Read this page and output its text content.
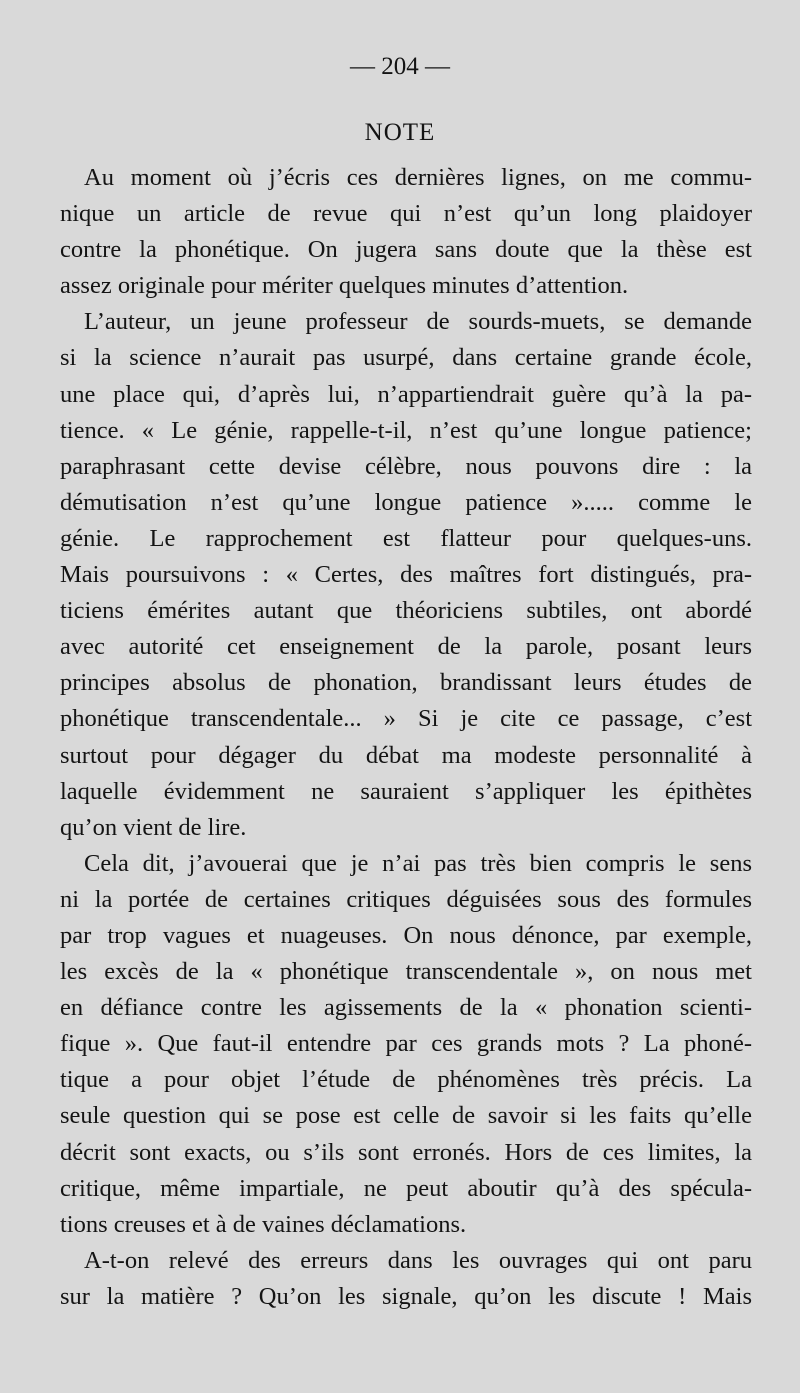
— 204 —

NOTE
Au moment où j’écris ces dernières lignes, on me commu-
nique un article de revue qui n’est qu’un long plaidoyer
contre la phonétique. On jugera sans doute que la thèse est
assez originale pour mériter quelques minutes d’attention.
L’auteur, un jeune professeur de sourds-muets, se demande
si la science n’aurait pas usurpé, dans certaine grande école,
une place qui, d’après lui, n’appartiendrait guère qu’à la pa-
tience. « Le génie, rappelle-t-il, n’est qu’une longue patience;
paraphrasant cette devise célèbre, nous pouvons dire : la
démutisation n’est qu’une longue patience »..... comme le
génie. Le rapprochement est flatteur pour quelques-uns.
Mais poursuivons : « Certes, des maîtres fort distingués, pra-
ticiens émérites autant que théoriciens subtiles, ont abordé
avec autorité cet enseignement de la parole, posant leurs
principes absolus de phonation, brandissant leurs études de
phonétique transcendentale... » Si je cite ce passage, c’est
surtout pour dégager du débat ma modeste personnalité à
laquelle évidemment ne sauraient s’appliquer les épithètes
qu’on vient de lire.
Cela dit, j’avouerai que je n’ai pas très bien compris le sens
ni la portée de certaines critiques déguisées sous des formules
par trop vagues et nuageuses. On nous dénonce, par exemple,
les excès de la « phonétique transcendentale », on nous met
en défiance contre les agissements de la « phonation scienti-
fique ». Que faut-il entendre par ces grands mots ? La phoné-
tique a pour objet l’étude de phénomènes très précis. La
seule question qui se pose est celle de savoir si les faits qu’elle
décrit sont exacts, ou s’ils sont erronés. Hors de ces limites, la
critique, même impartiale, ne peut aboutir qu’à des spécula-
tions creuses et à de vaines déclamations.
A-t-on relevé des erreurs dans les ouvrages qui ont paru
sur la matière ? Qu’on les signale, qu’on les discute ! Mais
